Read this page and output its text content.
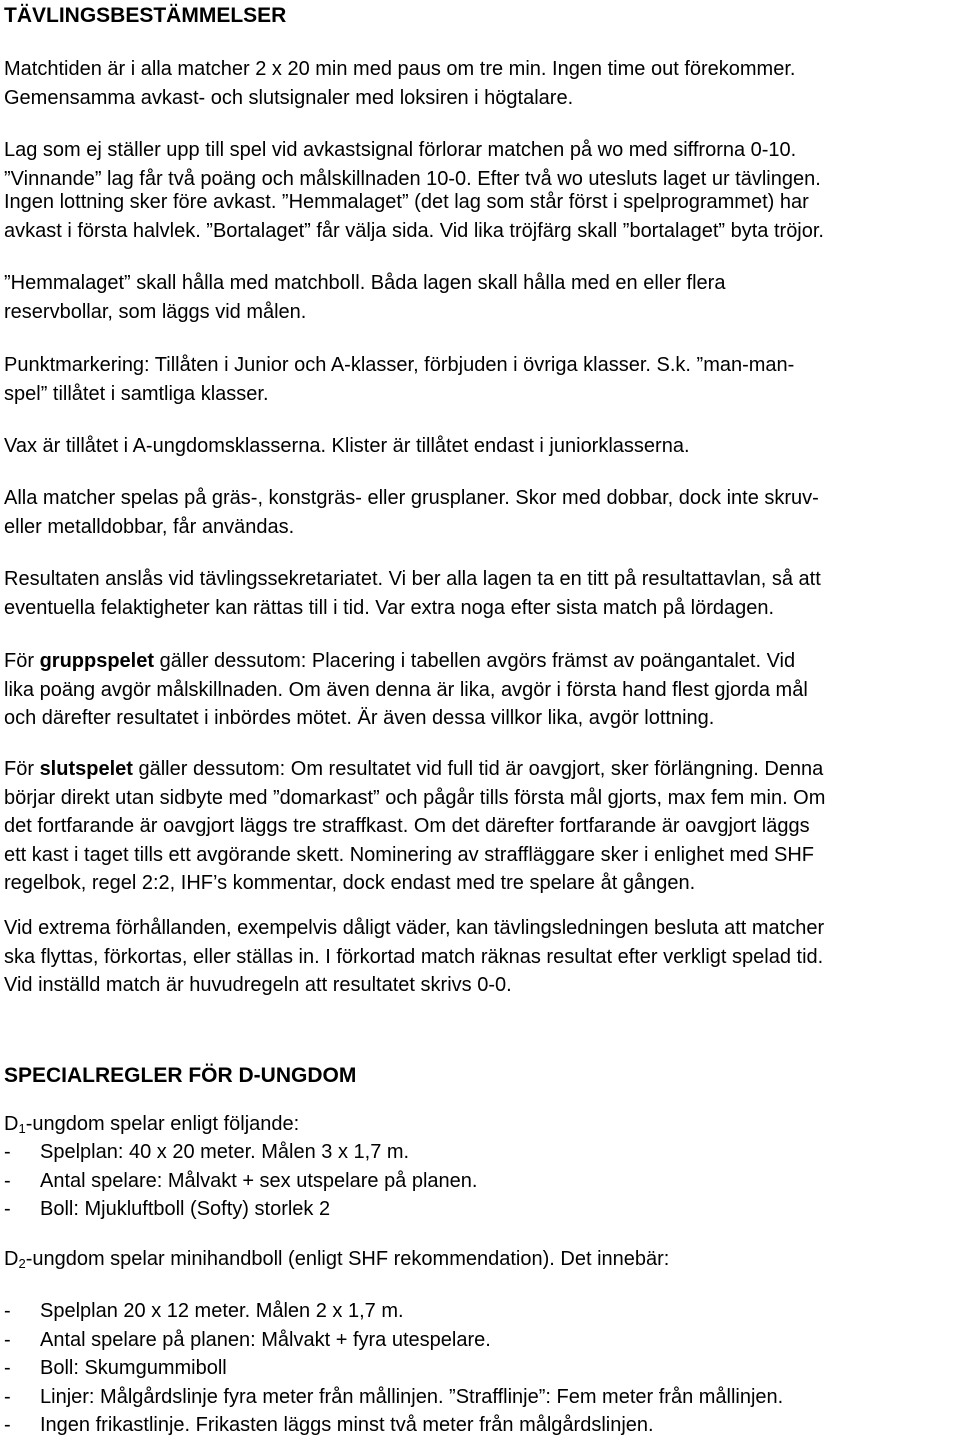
TÄVLINGSBESTÄMMELSER

Matchtiden är i alla matcher 2 x 20 min med paus om tre min. Ingen time out förekommer.
Gemensamma avkast- och slutsignaler med loksiren i högtalare.

Lag som ej ställer upp till spel vid avkastsignal förlorar matchen på wo med siffrorna 0-10.
”Vinnande” lag får två poäng och målskillnaden 10-0. Efter två wo utesluts laget ur tävlingen.

Ingen lottning sker före avkast. ”Hemmalaget” (det lag som står först i spelprogrammet) har
avkast i första halvlek. ”Bortalaget” får välja sida. Vid lika tröjfärg skall ”bortalaget” byta tröjor.

”Hemmalaget” skall hålla med matchboll. Båda lagen skall hålla med en eller flera
reservbollar, som läggs vid målen.

Punktmarkering: Tillåten i Junior och A-klasser, förbjuden i övriga klasser. S.k. ”man-man-
spel” tillåtet i samtliga klasser.

Vax är tillåtet i A-ungdomsklasserna. Klister är tillåtet endast i juniorklasserna.

Alla matcher spelas på gräs-, konstgräs- eller grusplaner. Skor med dobbar, dock inte skruv-
eller metalldobbar, får användas.

Resultaten anslås vid tävlingssekretariatet. Vi ber alla lagen ta en titt på resultattavlan, så att
eventuella felaktigheter kan rättas till i tid. Var extra noga efter sista match på lördagen.

För gruppspelet gäller dessutom: Placering i tabellen avgörs främst av poängantalet. Vid
lika poäng avgör målskillnaden. Om även denna är lika, avgör i första hand flest gjorda mål
och därefter resultatet i inbördes mötet. Är även dessa villkor lika, avgör lottning.

För slutspelet gäller dessutom: Om resultatet vid full tid är oavgjort, sker förlängning. Denna
börjar direkt utan sidbyte med ”domarkast” och pågår tills första mål gjorts, max fem min. Om
det fortfarande är oavgjort läggs tre straffkast. Om det därefter fortfarande är oavgjort läggs
ett kast i taget tills ett avgörande skett. Nominering av straffläggare sker i enlighet med SHF
regelbok, regel 2:2, IHF’s kommentar, dock endast med tre spelare åt gången.

Vid extrema förhållanden, exempelvis dåligt väder, kan tävlingsledningen besluta att matcher
ska flyttas, förkortas, eller ställas in. I förkortad match räknas resultat efter verkligt spelad tid.
Vid inställd match är huvudregeln att resultatet skrivs 0-0.

SPECIALREGLER FÖR D-UNGDOM

$D_1$-ungdom spelar enligt följande:

-	Spelplan: 40 x 20 meter. Målen 3 x 1,7 m.
-	Antal spelare: Målvakt + sex utspelare på planen.
-	Boll: Mjukluftboll (Softy) storlek 2

$D_2$-ungdom spelar minihandboll (enligt SHF rekommendation). Det innebär:

-	Spelplan 20 x 12 meter. Målen 2 x 1,7 m.
-	Antal spelare på planen: Målvakt + fyra utespelare.
-	Boll: Skumgummiboll
-	Linjer: Målgårdslinje fyra meter från mållinjen. ”Strafflinje”: Fem meter från mållinjen.
-	Ingen frikastlinje. Frikasten läggs minst två meter från målgårdslinjen.
